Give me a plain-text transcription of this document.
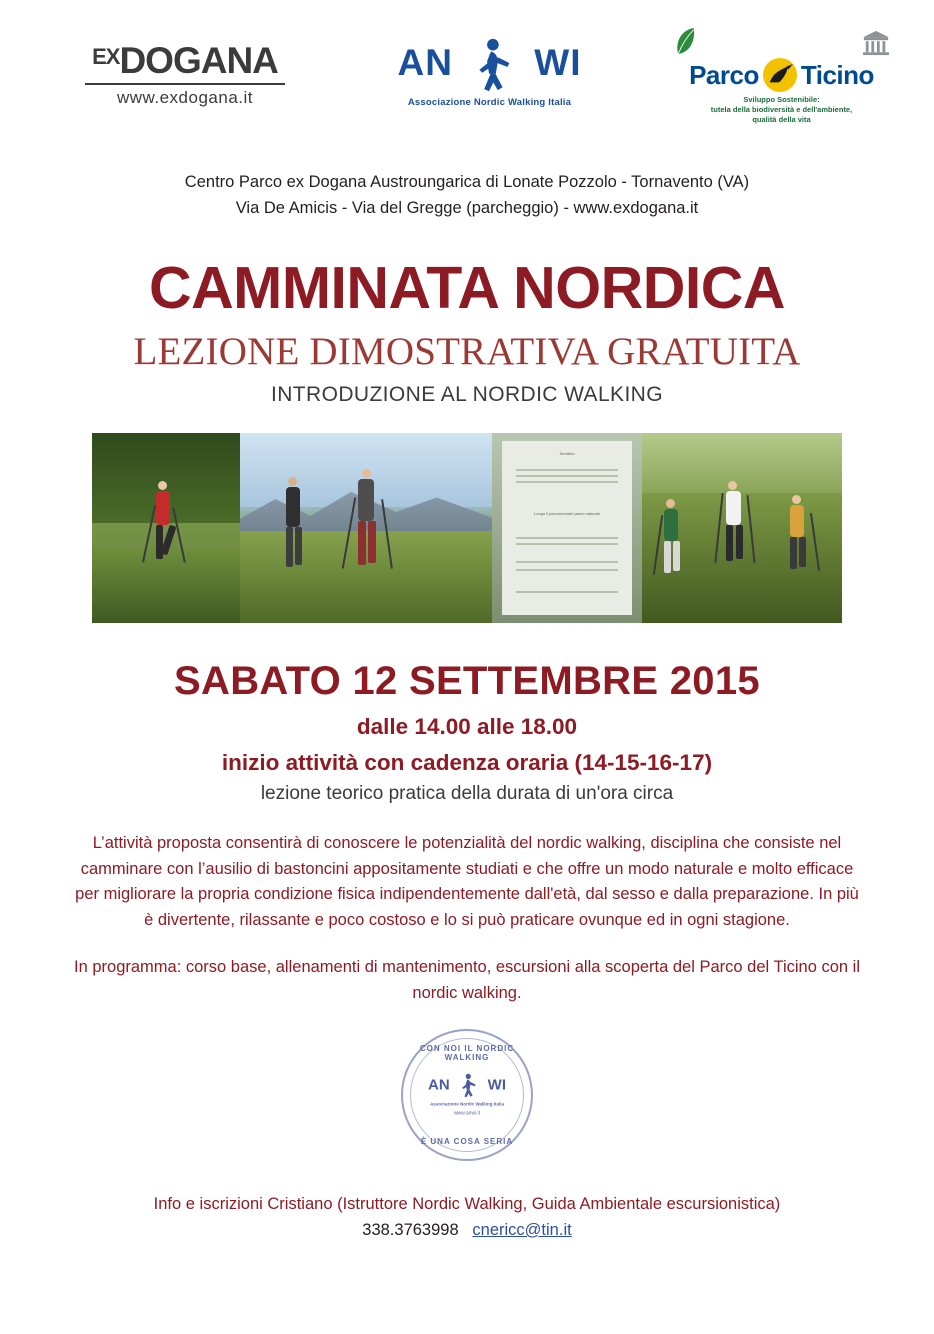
$^{EX}$DOGANA
www.exdogana.it
AN WI
Associazione Nordic Walking Italia
Parco Ticino
Sviluppo Sostenibile:
tutela della biodiversità e dell'ambiente,
qualità della vita
Centro Parco ex Dogana Austroungarica di Lonate Pozzolo - Tornavento (VA)
Via De Amicis - Via del Gregge (parcheggio) - www.exdogana.it
CAMMINATA NORDICA
LEZIONE DIMOSTRATIVA GRATUITA
INTRODUZIONE AL NORDIC WALKING
Sentiero
Lungo il percorso\ndel parco naturale
SABATO 12 SETTEMBRE 2015
dalle 14.00 alle 18.00
inizio attività con cadenza oraria (14-15-16-17)
lezione teorico pratica della durata di un'ora circa
L’attività proposta consentirà di conoscere le potenzialità del nordic walking, disciplina che consiste nel camminare con l’ausilio di bastoncini appositamente studiati e che offre un modo naturale e molto efficace per migliorare la propria condizione fisica indipendentemente dall'età, dal sesso e dalla preparazione. In più è divertente, rilassante e poco costoso e lo si può praticare ovunque ed in ogni stagione.
In programma: corso base, allenamenti di mantenimento, escursioni alla scoperta del Parco del Ticino con il nordic walking.
CON NOI IL NORDIC WALKING
AN	WI
Associazione Nordic Walking Italia
www.anwi.it
È UNA COSA SERIA
Info e iscrizioni Cristiano (Istruttore Nordic Walking, Guida Ambientale escursionistica)
338.3763998 cnericc@tin.it
